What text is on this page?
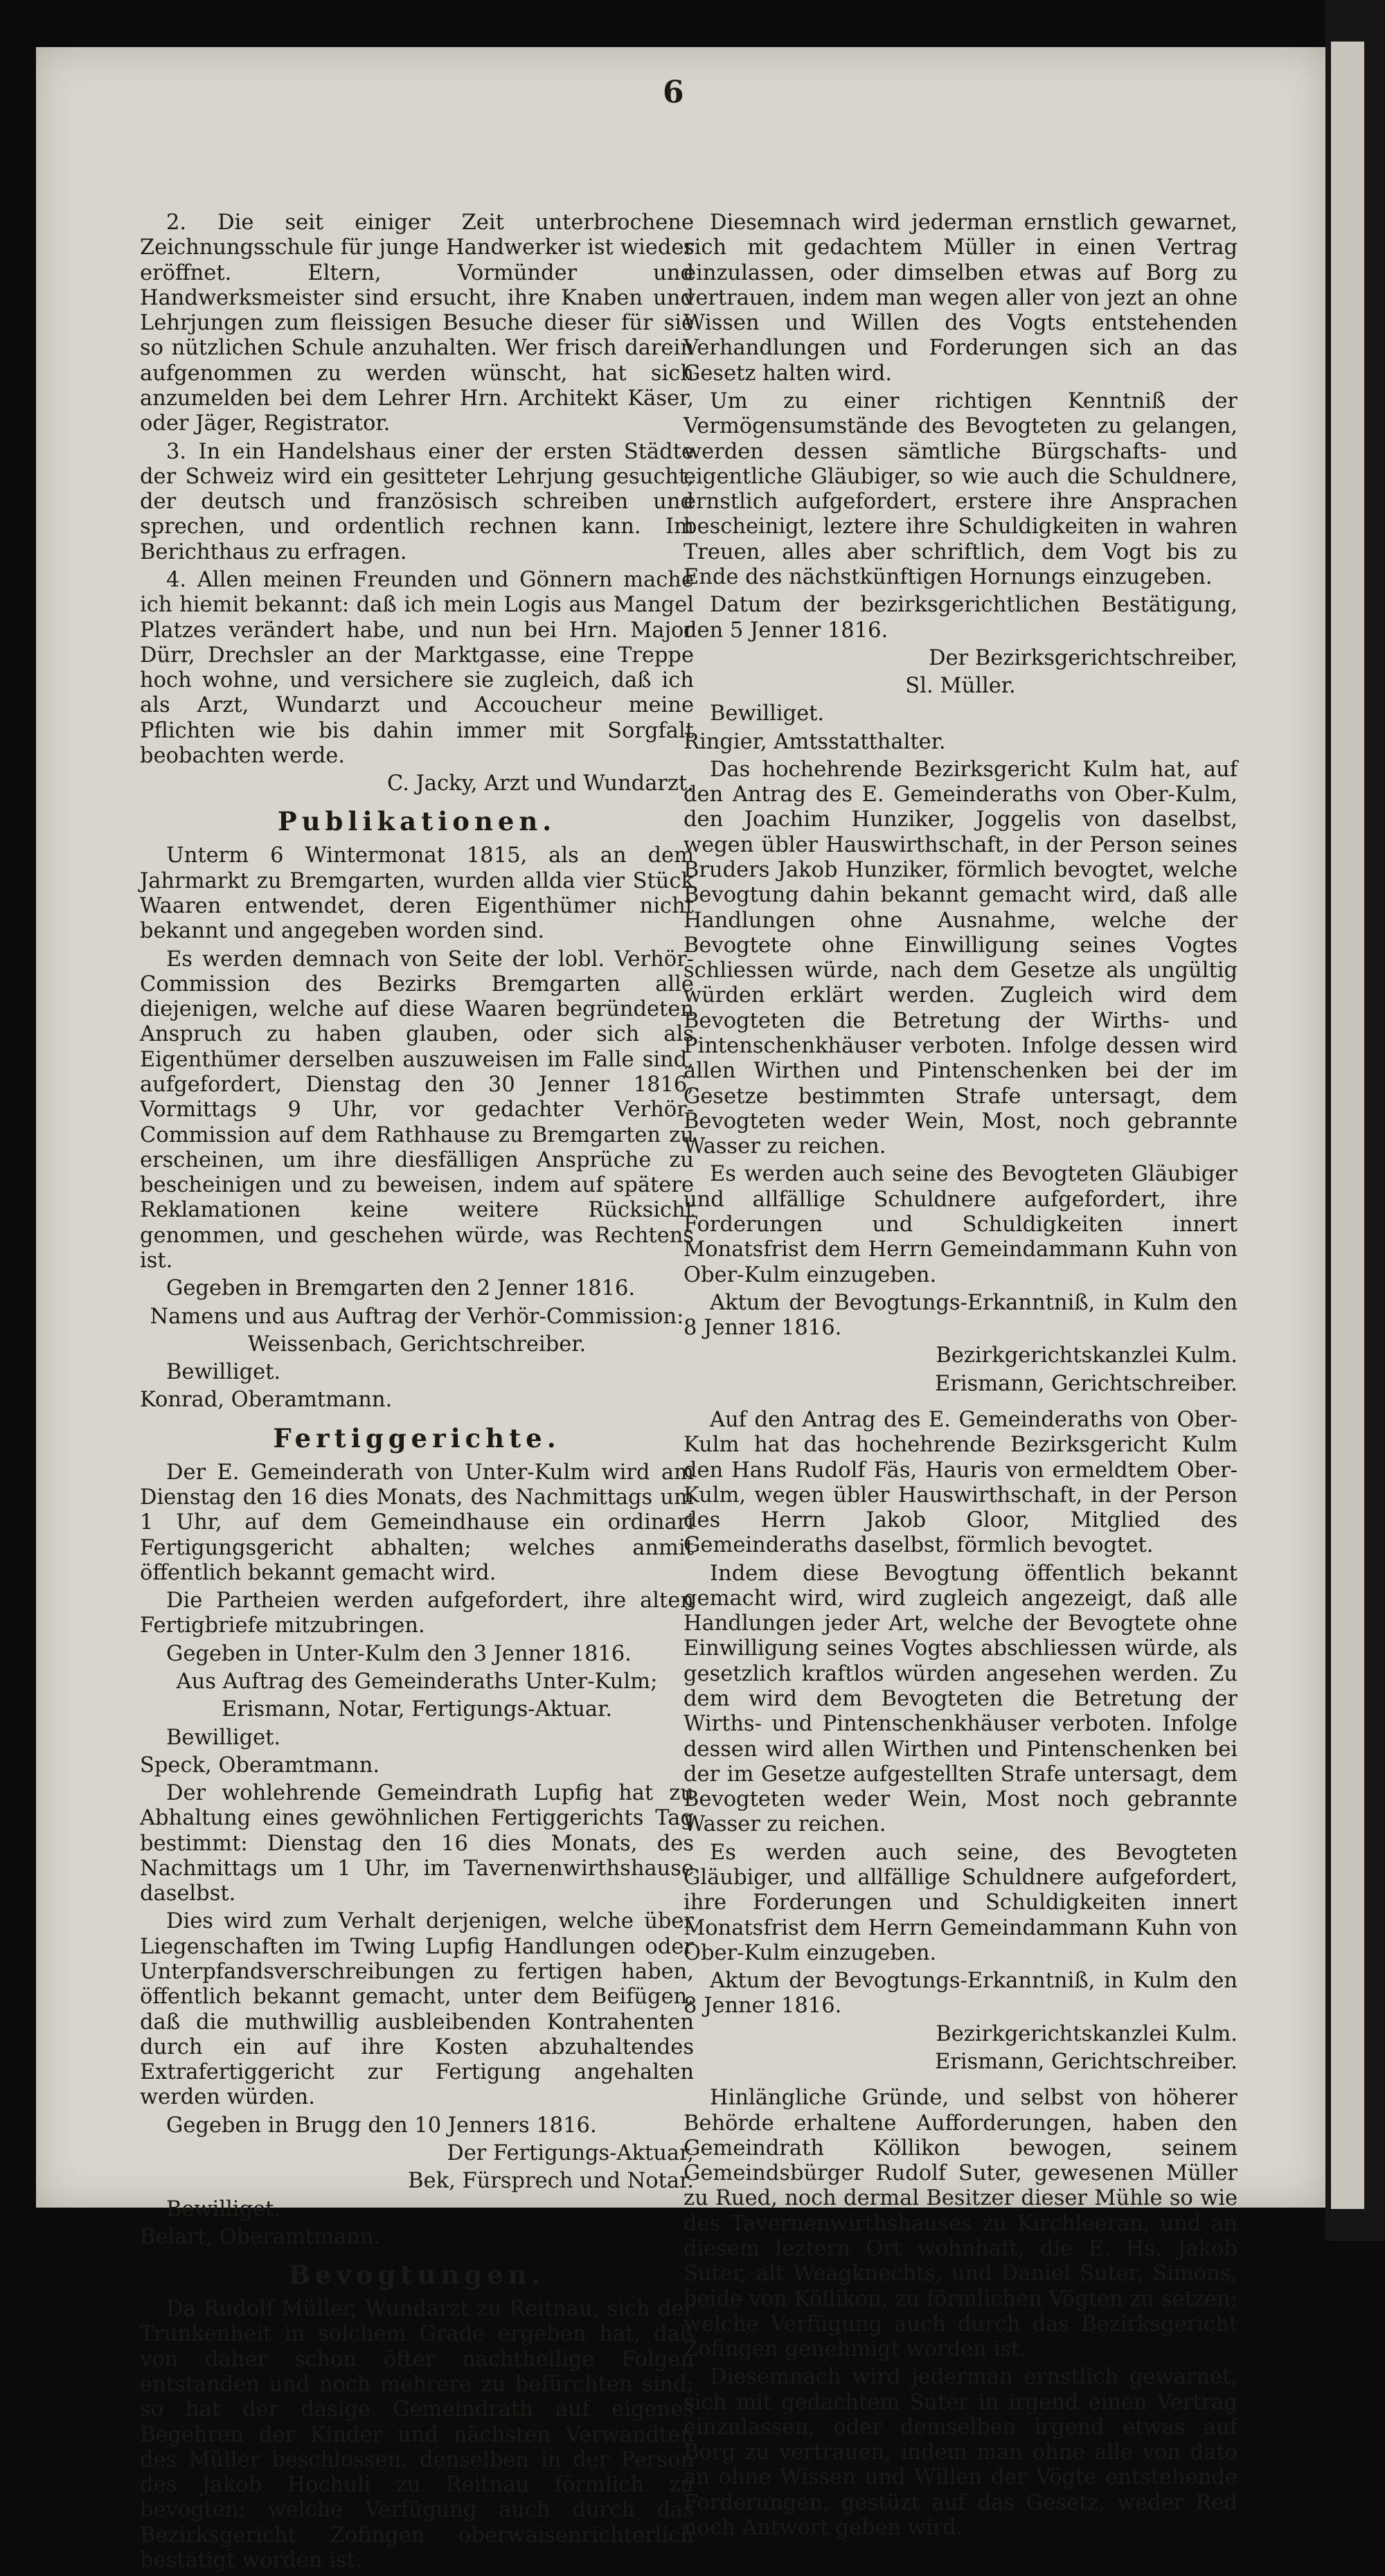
6

2. Die seit einiger Zeit unterbrochene Zeichnungsschule für junge Handwerker ist wieder eröffnet. Eltern, Vormünder und Handwerksmeister sind ersucht, ihre Knaben und Lehrjungen zum fleissigen Besuche dieser für sie so nützlichen Schule anzuhalten. Wer frisch darein aufgenommen zu werden wünscht, hat sich anzumelden bei dem Lehrer Hrn. Architekt Käser, oder Jäger, Registrator.

3. In ein Handelshaus einer der ersten Städte der Schweiz wird ein gesitteter Lehrjung gesucht, der deutsch und französisch schreiben und sprechen, und ordentlich rechnen kann. Im Berichthaus zu erfragen.

4. Allen meinen Freunden und Gönnern mache ich hiemit bekannt: daß ich mein Logis aus Mangel Platzes verändert habe, und nun bei Hrn. Major Dürr, Drechsler an der Marktgasse, eine Treppe hoch wohne, und versichere sie zugleich, daß ich als Arzt, Wundarzt und Accoucheur meine Pflichten wie bis dahin immer mit Sorgfalt beobachten werde.

C. Jacky, Arzt und Wundarzt.

Publikationen.

Unterm 6 Wintermonat 1815, als an dem Jahrmarkt zu Bremgarten, wurden allda vier Stück Waaren entwendet, deren Eigenthümer nicht bekannt und angegeben worden sind.

Es werden demnach von Seite der lobl. Verhör-Commission des Bezirks Bremgarten alle diejenigen, welche auf diese Waaren begründeten Anspruch zu haben glauben, oder sich als Eigenthümer derselben auszuweisen im Falle sind, aufgefordert, Dienstag den 30 Jenner 1816, Vormittags 9 Uhr, vor gedachter Verhör-Commission auf dem Rathhause zu Bremgarten zu erscheinen, um ihre diesfälligen Ansprüche zu bescheinigen und zu beweisen, indem auf spätere Reklamationen keine weitere Rücksicht genommen, und geschehen würde, was Rechtens ist.

Gegeben in Bremgarten den 2 Jenner 1816.

Namens und aus Auftrag der Verhör-Commission:

Weissenbach, Gerichtschreiber.

Bewilliget.

Konrad, Oberamtmann.

Fertiggerichte.

Der E. Gemeinderath von Unter-Kulm wird am Dienstag den 16 dies Monats, des Nachmittags um 1 Uhr, auf dem Gemeindhause ein ordinari Fertigungsgericht abhalten; welches anmit öffentlich bekannt gemacht wird.

Die Partheien werden aufgefordert, ihre alten Fertigbriefe mitzubringen.

Gegeben in Unter-Kulm den 3 Jenner 1816.

Aus Auftrag des Gemeinderaths Unter-Kulm;

Erismann, Notar, Fertigungs-Aktuar.

Bewilliget.

Speck, Oberamtmann.

Der wohlehrende Gemeindrath Lupfig hat zu Abhaltung eines gewöhnlichen Fertiggerichts Tag bestimmt: Dienstag den 16 dies Monats, des Nachmittags um 1 Uhr, im Tavernenwirthshause daselbst.

Dies wird zum Verhalt derjenigen, welche über Liegenschaften im Twing Lupfig Handlungen oder Unterpfandsverschreibungen zu fertigen haben, öffentlich bekannt gemacht, unter dem Beifügen, daß die muthwillig ausbleibenden Kontrahenten durch ein auf ihre Kosten abzuhaltendes Extrafertiggericht zur Fertigung angehalten werden würden.

Gegeben in Brugg den 10 Jenners 1816.

Der Fertigungs-Aktuar,

Bek, Fürsprech und Notar.

Bewilliget.

Belart, Oberamtmann.

Bevogtungen.

Da Rudolf Müller, Wundarzt zu Reitnau, sich der Trunkenheit in solchem Grade ergeben hat, daß von daher schon öfter nachtheilige Folgen entstanden und noch mehrere zu befürchten sind; so hat der dasige Gemeindrath auf eigenes Begehren der Kinder und nächsten Verwandten des Müller beschlossen, denselben in der Person des Jakob Hochuli zu Reitnau förmlich zu bevogten; welche Verfügung auch durch das Bezirksgericht Zofingen oberwaisenrichterlich bestätigt worden ist.

Diesemnach wird jederman ernstlich gewarnet, sich mit gedachtem Müller in einen Vertrag einzulassen, oder dimselben etwas auf Borg zu vertrauen, indem man wegen aller von jezt an ohne Wissen und Willen des Vogts entstehenden Verhandlungen und Forderungen sich an das Gesetz halten wird.

Um zu einer richtigen Kenntniß der Vermögensumstände des Bevogteten zu gelangen, werden dessen sämtliche Bürgschafts- und eigentliche Gläubiger, so wie auch die Schuldnere, ernstlich aufgefordert, erstere ihre Ansprachen bescheinigt, leztere ihre Schuldigkeiten in wahren Treuen, alles aber schriftlich, dem Vogt bis zu Ende des nächstkünftigen Hornungs einzugeben.

Datum der bezirksgerichtlichen Bestätigung, den 5 Jenner 1816.

Der Bezirksgerichtschreiber,

Sl. Müller.

Bewilliget.

Ringier, Amtsstatthalter.

Das hochehrende Bezirksgericht Kulm hat, auf den Antrag des E. Gemeinderaths von Ober-Kulm, den Joachim Hunziker, Joggelis von daselbst, wegen übler Hauswirthschaft, in der Person seines Bruders Jakob Hunziker, förmlich bevogtet, welche Bevogtung dahin bekannt gemacht wird, daß alle Handlungen ohne Ausnahme, welche der Bevogtete ohne Einwilligung seines Vogtes schliessen würde, nach dem Gesetze als ungültig würden erklärt werden. Zugleich wird dem Bevogteten die Betretung der Wirths- und Pintenschenkhäuser verboten. Infolge dessen wird allen Wirthen und Pintenschenken bei der im Gesetze bestimmten Strafe untersagt, dem Bevogteten weder Wein, Most, noch gebrannte Wasser zu reichen.

Es werden auch seine des Bevogteten Gläubiger und allfällige Schuldnere aufgefordert, ihre Forderungen und Schuldigkeiten innert Monatsfrist dem Herrn Gemeindammann Kuhn von Ober-Kulm einzugeben.

Aktum der Bevogtungs-Erkanntniß, in Kulm den 8 Jenner 1816.

Bezirkgerichtskanzlei Kulm.

Erismann, Gerichtschreiber.

Auf den Antrag des E. Gemeinderaths von Ober-Kulm hat das hochehrende Bezirksgericht Kulm den Hans Rudolf Fäs, Hauris von ermeldtem Ober-Kulm, wegen übler Hauswirthschaft, in der Person des Herrn Jakob Gloor, Mitglied des Gemeinderaths daselbst, förmlich bevogtet.

Indem diese Bevogtung öffentlich bekannt gemacht wird, wird zugleich angezeigt, daß alle Handlungen jeder Art, welche der Bevogtete ohne Einwilligung seines Vogtes abschliessen würde, als gesetzlich kraftlos würden angesehen werden. Zu dem wird dem Bevogteten die Betretung der Wirths- und Pintenschenkhäuser verboten. Infolge dessen wird allen Wirthen und Pintenschenken bei der im Gesetze aufgestellten Strafe untersagt, dem Bevogteten weder Wein, Most noch gebrannte Wasser zu reichen.

Es werden auch seine, des Bevogteten Gläubiger, und allfällige Schuldnere aufgefordert, ihre Forderungen und Schuldigkeiten innert Monatsfrist dem Herrn Gemeindammann Kuhn von Ober-Kulm einzugeben.

Aktum der Bevogtungs-Erkanntniß, in Kulm den 8 Jenner 1816.

Bezirkgerichtskanzlei Kulm.

Erismann, Gerichtschreiber.

Hinlängliche Gründe, und selbst von höherer Behörde erhaltene Aufforderungen, haben den Gemeindrath Köllikon bewogen, seinem Gemeindsbürger Rudolf Suter, gewesenen Müller zu Rued, noch dermal Besitzer dieser Mühle so wie des Tavernenwirthshauses zu Kirchleeran, und an diesem leztern Ort wohnhaft, die E. Hs. Jakob Suter, alt Weagknechts, und Daniel Suter, Simons, beide von Köllikon, zu förmlichen Vögten zu setzen; welche Verfügung auch durch das Bezirksgericht Zofingen genehmigt worden ist.

Diesemnach wird jederman ernstlich gewarnet, sich mit gedachtem Suter in irgend einen Vertrag einzulassen, oder demselben irgend etwas auf Borg zu vertrauen, indem man ohne alle von dato an ohne Wissen und Willen der Vögte entstehende Forderungen, gestüzt auf das Gesetz, weder Red noch Antwort geben wird.
